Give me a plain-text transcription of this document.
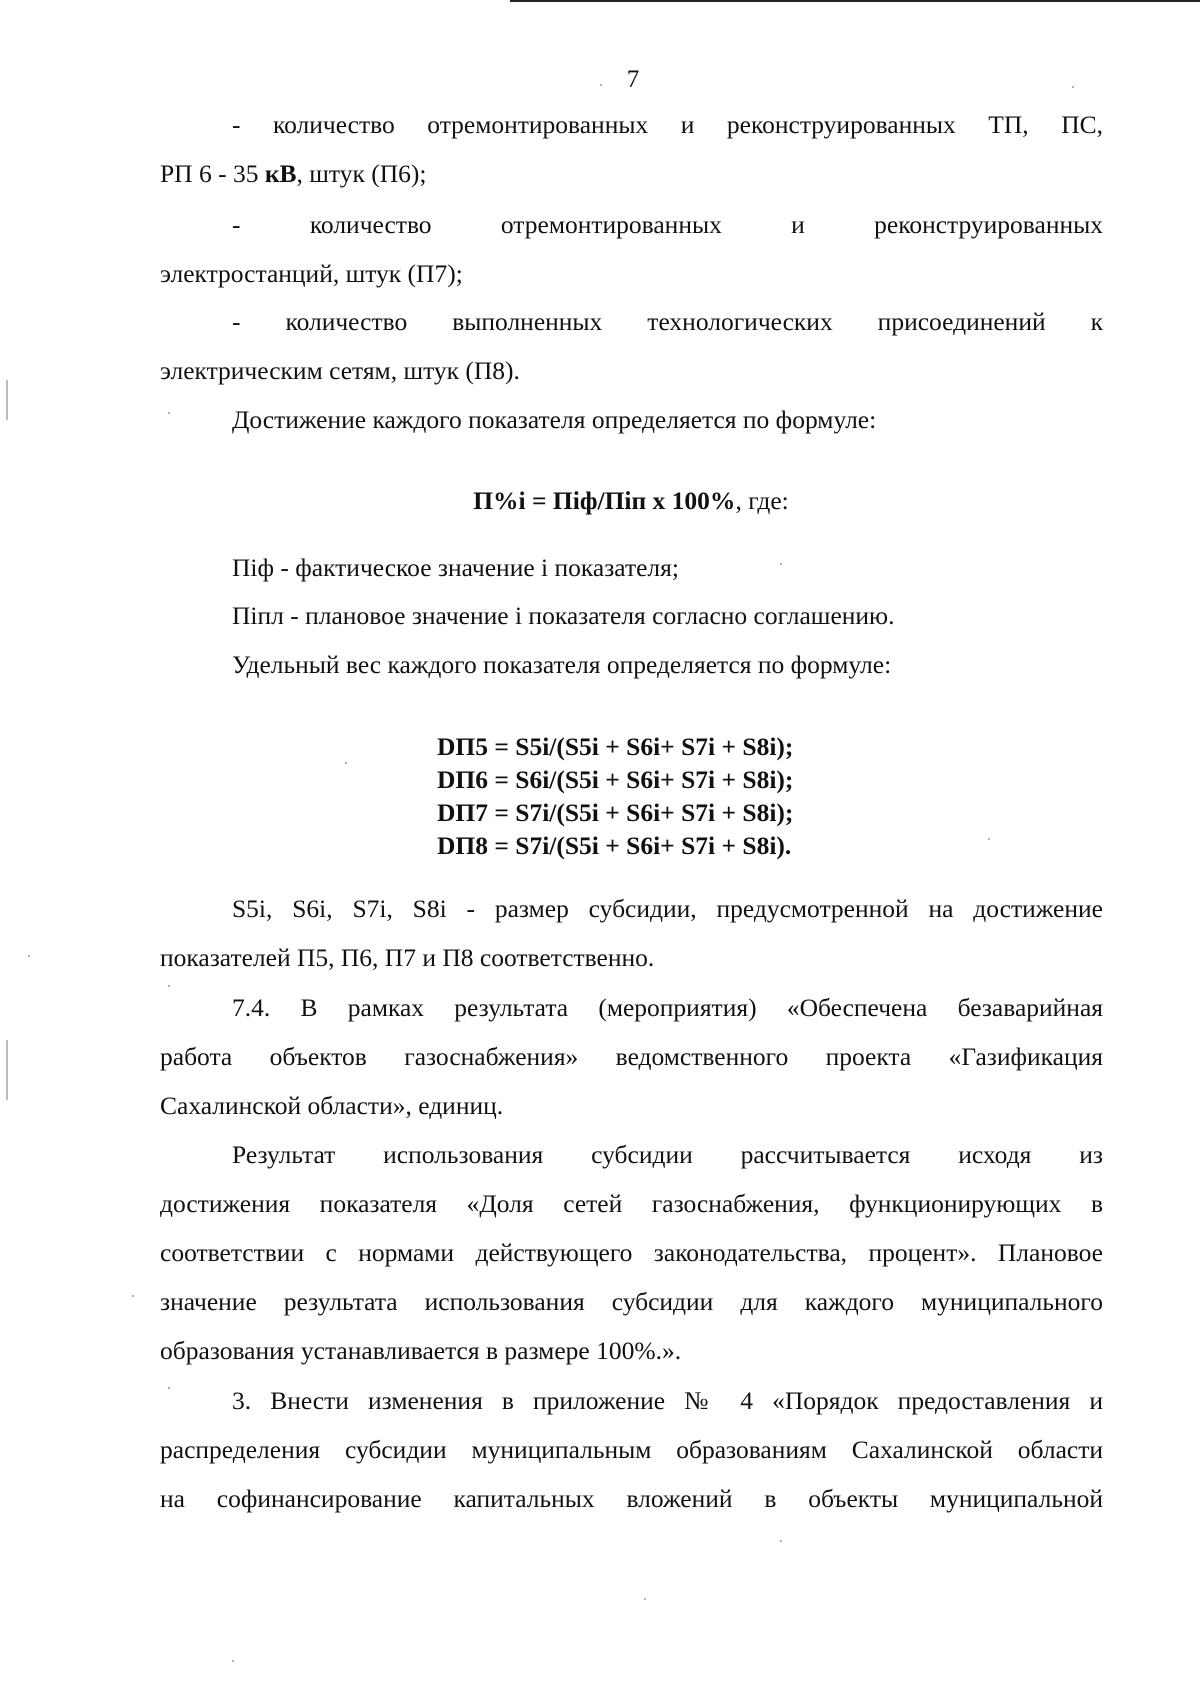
7
- количество отремонтированных и реконструированных ТП, ПС,
РП 6 - 35 кВ, штук (П6);
- количество отремонтированных и реконструированных
электростанций, штук (П7);
- количество выполненных технологических присоединений к
электрическим сетям, штук (П8).
Достижение каждого показателя определяется по формуле:
П%i = Піф/Піп х 100%, где:
Піф - фактическое значение і показателя;
Піпл - плановое значение і показателя согласно соглашению.
Удельный вес каждого показателя определяется по формуле:
DП5 = S5i/(S5i + S6i+ S7i + S8i);
DП6 = S6i/(S5i + S6i+ S7i + S8i);
DП7 = S7i/(S5i + S6i+ S7i + S8i);
DП8 = S7i/(S5i + S6i+ S7i + S8i).
S5i, S6i, S7i, S8i - размер субсидии, предусмотренной на достижение
показателей П5, П6, П7 и П8 соответственно.
7.4. В рамках результата (мероприятия) «Обеспечена безаварийная
работа объектов газоснабжения» ведомственного проекта «Газификация
Сахалинской области», единиц.
Результат использования субсидии рассчитывается исходя из
достижения показателя «Доля сетей газоснабжения, функционирующих в
соответствии с нормами действующего законодательства, процент». Плановое
значение результата использования субсидии для каждого муниципального
образования устанавливается в размере 100%.».
3. Внести изменения в приложение № 4 «Порядок предоставления и
распределения субсидии муниципальным образованиям Сахалинской области
на софинансирование капитальных вложений в объекты муниципальной
